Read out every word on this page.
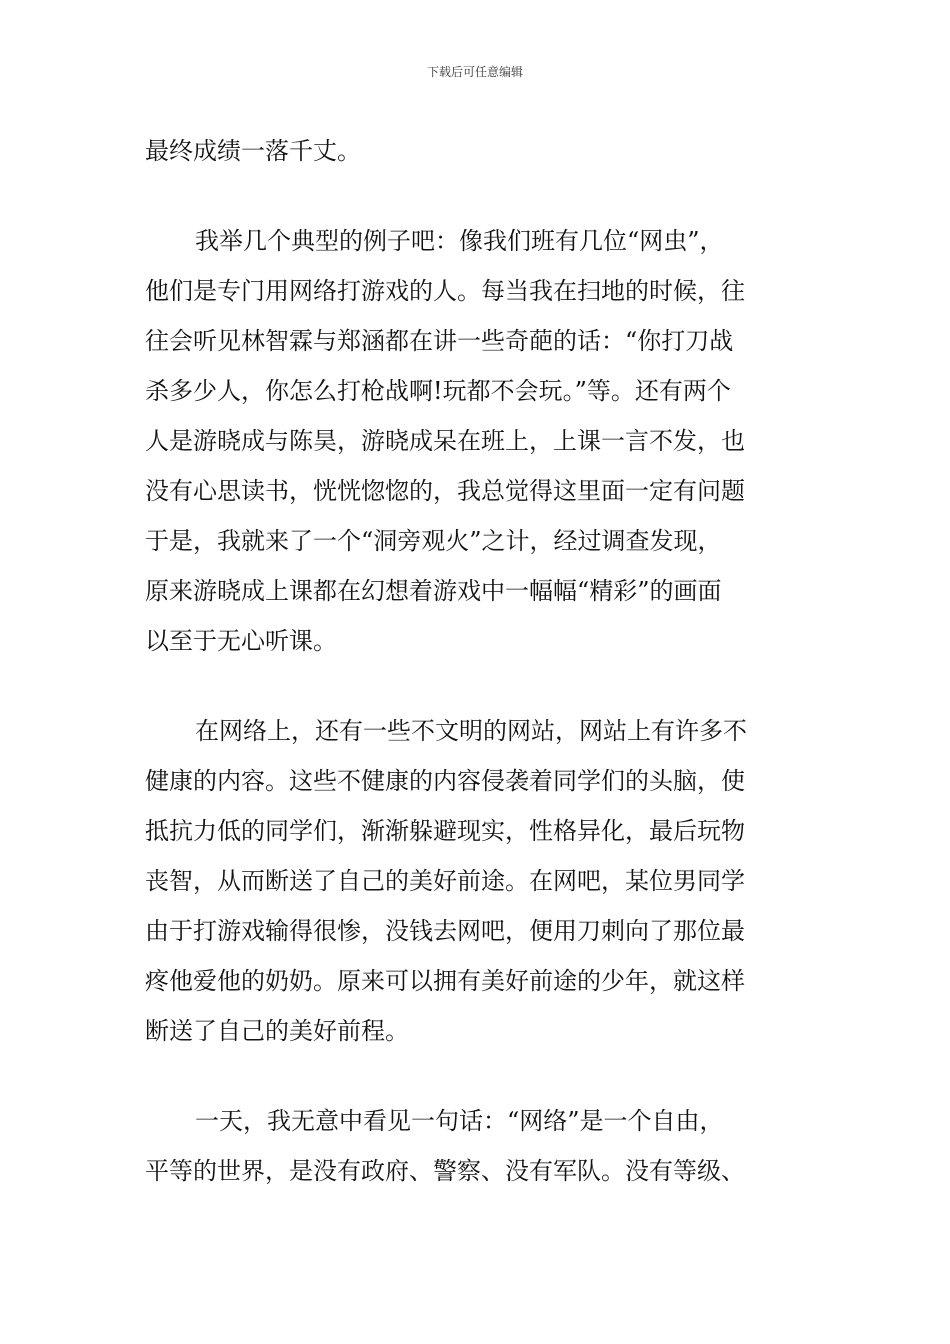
下载后可任意编辑
最终成绩一落千丈。
我举几个典型的例子吧：像我们班有几位“网虫”，
他们是专门用网络打游戏的人。每当我在扫地的时候，往
往会听见林智霖与郑涵都在讲一些奇葩的话：“你打刀战
杀多少人，你怎么打枪战啊!玩都不会玩。”等。还有两个
人是游晓成与陈昊，游晓成呆在班上，上课一言不发，也
没有心思读书，恍恍惚惚的，我总觉得这里面一定有问题
于是，我就来了一个“洞旁观火”之计，经过调查发现，
原来游晓成上课都在幻想着游戏中一幅幅“精彩”的画面
以至于无心听课。
在网络上，还有一些不文明的网站，网站上有许多不
健康的内容。这些不健康的内容侵袭着同学们的头脑，使
抵抗力低的同学们，渐渐躲避现实，性格异化，最后玩物
丧智，从而断送了自己的美好前途。在网吧，某位男同学
由于打游戏输得很惨，没钱去网吧，便用刀刺向了那位最
疼他爱他的奶奶。原来可以拥有美好前途的少年，就这样
断送了自己的美好前程。
一天，我无意中看见一句话：“网络”是一个自由，
平等的世界，是没有政府、警察、没有军队。没有等级、
